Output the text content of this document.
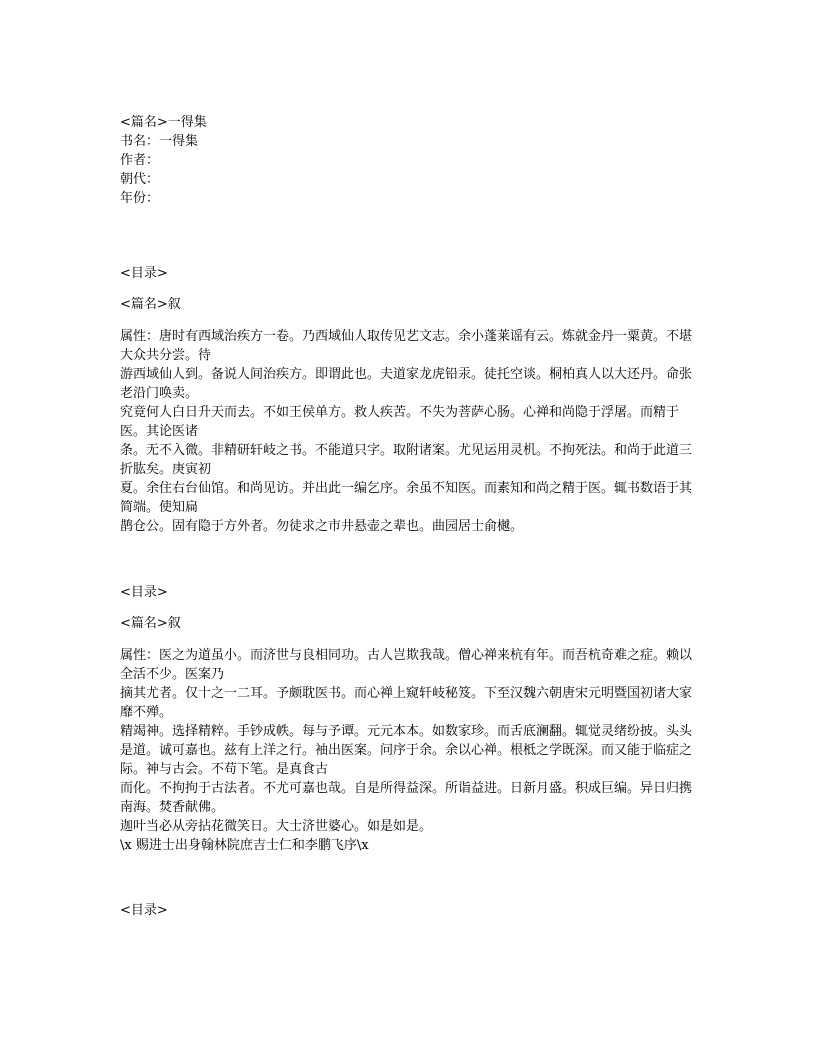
<篇名>一得集
书名：一得集
作者：
朝代：
年份：
<目录>
<篇名>叙
属性：唐时有西域治疾方一卷。乃西域仙人取传见艺文志。余小蓬莱谣有云。炼就金丹一粟黄。不堪大众共分尝。待
游西域仙人到。备说人间治疾方。即谓此也。夫道家龙虎铅汞。徒托空谈。桐柏真人以大还丹。命张老沿门唤卖。
究竟何人白日升天而去。不如王侯单方。救人疾苦。不失为菩萨心肠。心禅和尚隐于浮屠。而精于医。其论医诸
条。无不入微。非精研轩岐之书。不能道只字。取附诸案。尤见运用灵机。不拘死法。和尚于此道三折肱矣。庚寅初
夏。余住右台仙馆。和尚见访。并出此一编乞序。余虽不知医。而素知和尚之精于医。辄书数语于其简端。使知扁
鹊仓公。固有隐于方外者。勿徒求之市井悬壶之辈也。曲园居士俞樾。
<目录>
<篇名>叙
属性：医之为道虽小。而济世与良相同功。古人岂欺我哉。僧心禅来杭有年。而吾杭奇难之症。赖以全活不少。医案乃
摘其尤者。仅十之一二耳。予颇耽医书。而心禅上窥轩岐秘笈。下至汉魏六朝唐宋元明暨国初诸大家靡不殚。
精竭神。选择精粹。手钞成帙。每与予谭。元元本本。如数家珍。而舌底澜翻。辄觉灵绪纷披。头头是道。诚可嘉也。兹有上洋之行。袖出医案。问序于余。余以心禅。根柢之学既深。而又能于临症之际。神与古会。不苟下笔。是真食古
而化。不拘拘于古法者。不尤可嘉也哉。自是所得益深。所诣益进。日新月盛。积成巨编。异日归携南海。焚香献佛。
迦叶当必从旁拈花微笑日。大士济世婆心。如是如是。
\x 赐进士出身翰林院庶吉士仁和李鹏飞序\x
<目录>
